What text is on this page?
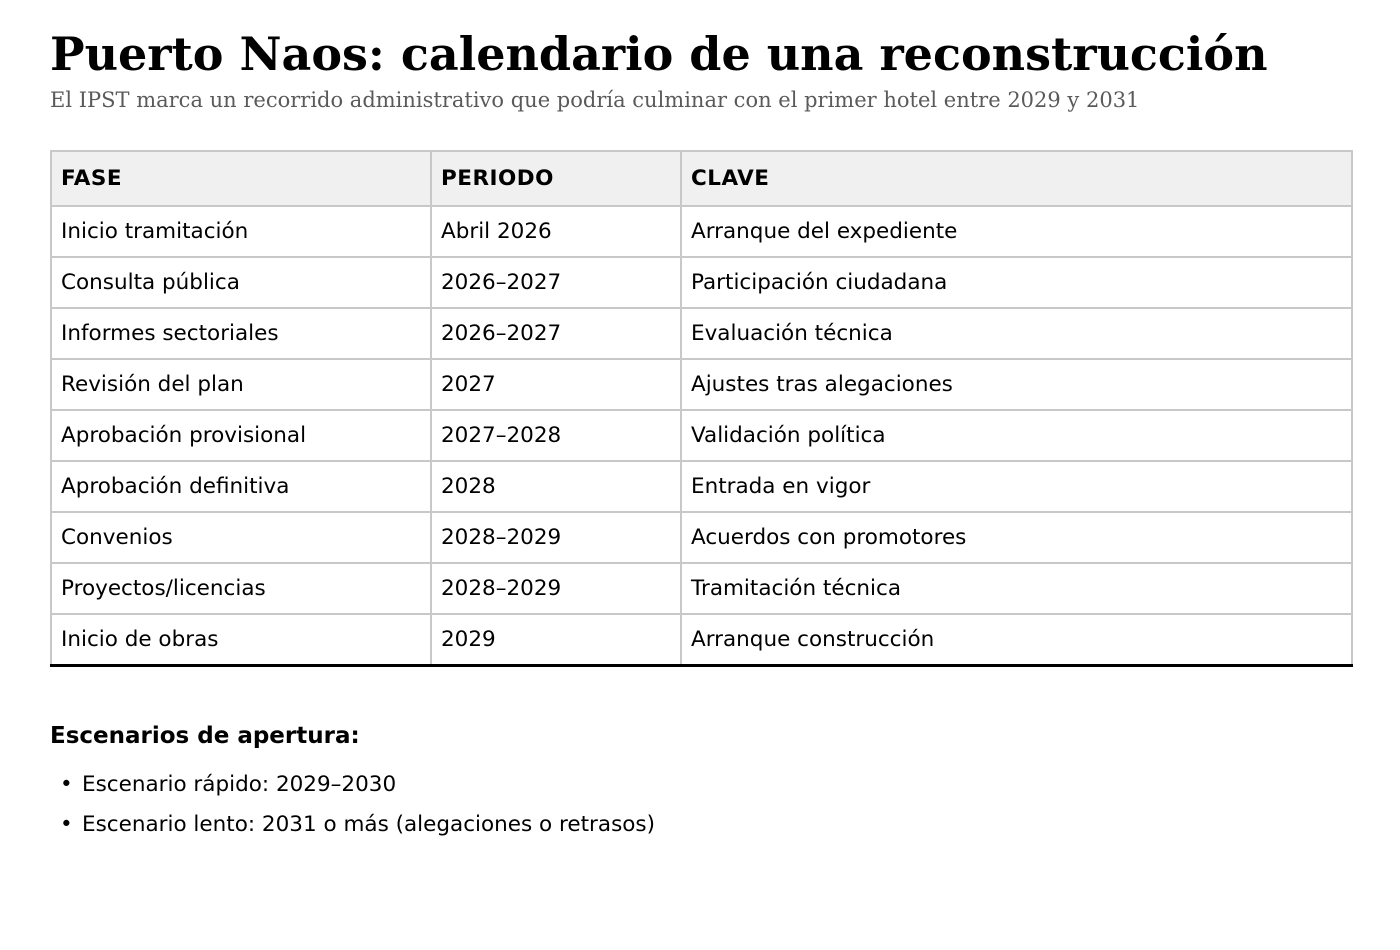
Puerto Naos: calendario de una reconstrucción

El IPST marca un recorrido administrativo que podría culminar con el primer hotel entre 2029 y 2031

FASE	PERIODO	CLAVE
Inicio tramitación	Abril 2026	Arranque del expediente
Consulta pública	2026–2027	Participación ciudadana
Informes sectoriales	2026–2027	Evaluación técnica
Revisión del plan	2027	Ajustes tras alegaciones
Aprobación provisional	2027–2028	Validación política
Aprobación definitiva	2028	Entrada en vigor
Convenios	2028–2029	Acuerdos con promotores
Proyectos/licencias	2028–2029	Tramitación técnica
Inicio de obras	2029	Arranque construcción
Escenarios de apertura:
• Escenario rápido: 2029–2030
• Escenario lento: 2031 o más (alegaciones o retrasos)
